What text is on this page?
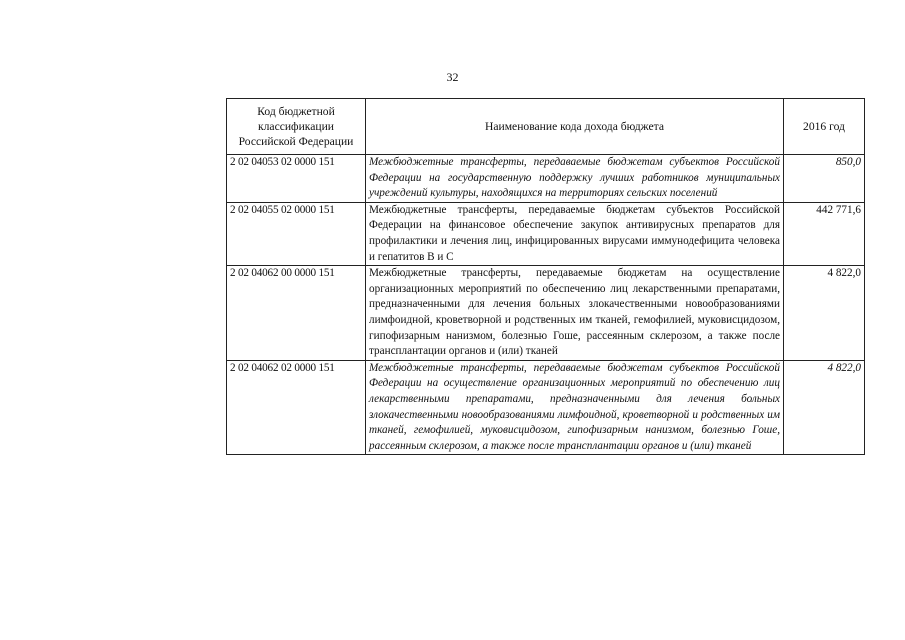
32
Код бюджетной классификации Российской Федерации	Наименование кода дохода бюджета	2016 год
2 02 04053 02 0000 151	Межбюджетные трансферты, передаваемые бюджетам субъектов Российской Федерации на государственную поддержку лучших работников муниципальных учреждений культуры, находящихся на территориях сельских поселений	850,0
2 02 04055 02 0000 151	Межбюджетные трансферты, передаваемые бюджетам субъектов Российской Федерации на финансовое обеспечение закупок антивирусных препаратов для профилактики и лечения лиц, инфицированных вирусами иммунодефицита человека и гепатитов В и С	442 771,6
2 02 04062 00 0000 151	Межбюджетные трансферты, передаваемые бюджетам на осуществление организационных мероприятий по обеспечению лиц лекарственными препаратами, предназначенными для лечения больных злокачественными новообразованиями лимфоидной, кроветворной и родственных им тканей, гемофилией, муковисцидозом, гипофизарным нанизмом, болезнью Гоше, рассеянным склерозом, а также после трансплантации органов и (или) тканей	4 822,0
2 02 04062 02 0000 151	Межбюджетные трансферты, передаваемые бюджетам субъектов Российской Федерации на осуществление организационных мероприятий по обеспечению лиц лекарственными препаратами, предназначенными для лечения больных злокачественными новообразованиями лимфоидной, кроветворной и родственных им тканей, гемофилией, муковисцидозом, гипофизарным нанизмом, болезнью Гоше, рассеянным склерозом, а также после трансплантации органов и (или) тканей	4 822,0
